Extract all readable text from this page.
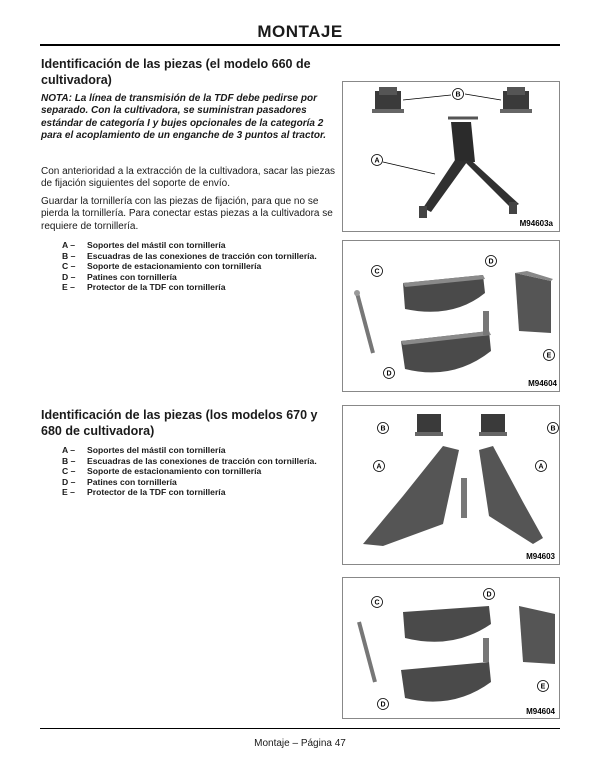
MONTAJE
Identificación de las piezas (el modelo 660 de cultivadora)
NOTA: La línea de transmisión de la TDF debe pedirse por separado. Con la cultivadora, se suministran pasadores estándar de categoría I y bujes opcionales de la categoría 2 para el acoplamiento de un enganche de 3 puntos al tractor.
Con anterioridad a la extracción de la cultivadora, sacar las piezas de fijación siguientes del soporte de envío.
Guardar la tornillería con las piezas de fijación, para que no se pierda la tornillería. Para conectar estas piezas a la cultivadora se requiere de tornillería.
A –	Soportes del mástil con tornillería
B –	Escuadras de las conexiones de tracción con tornillería.
C –	Soporte de estacionamiento con tornillería
D –	Patines con tornillería
E –	Protector de la TDF con tornillería
Identificación de las piezas (los modelos 670 y 680 de cultivadora)
A –	Soportes del mástil con tornillería
B –	Escuadras de las conexiones de tracción con tornillería.
C –	Soporte de estacionamiento con tornillería
D –	Patines con tornillería
E –	Protector de la TDF con tornillería
B
A
M94603a
C
D
D
E
M94604
B	B
A	A
M94603
C
D
D
E
M94604
Montaje – Página 47
